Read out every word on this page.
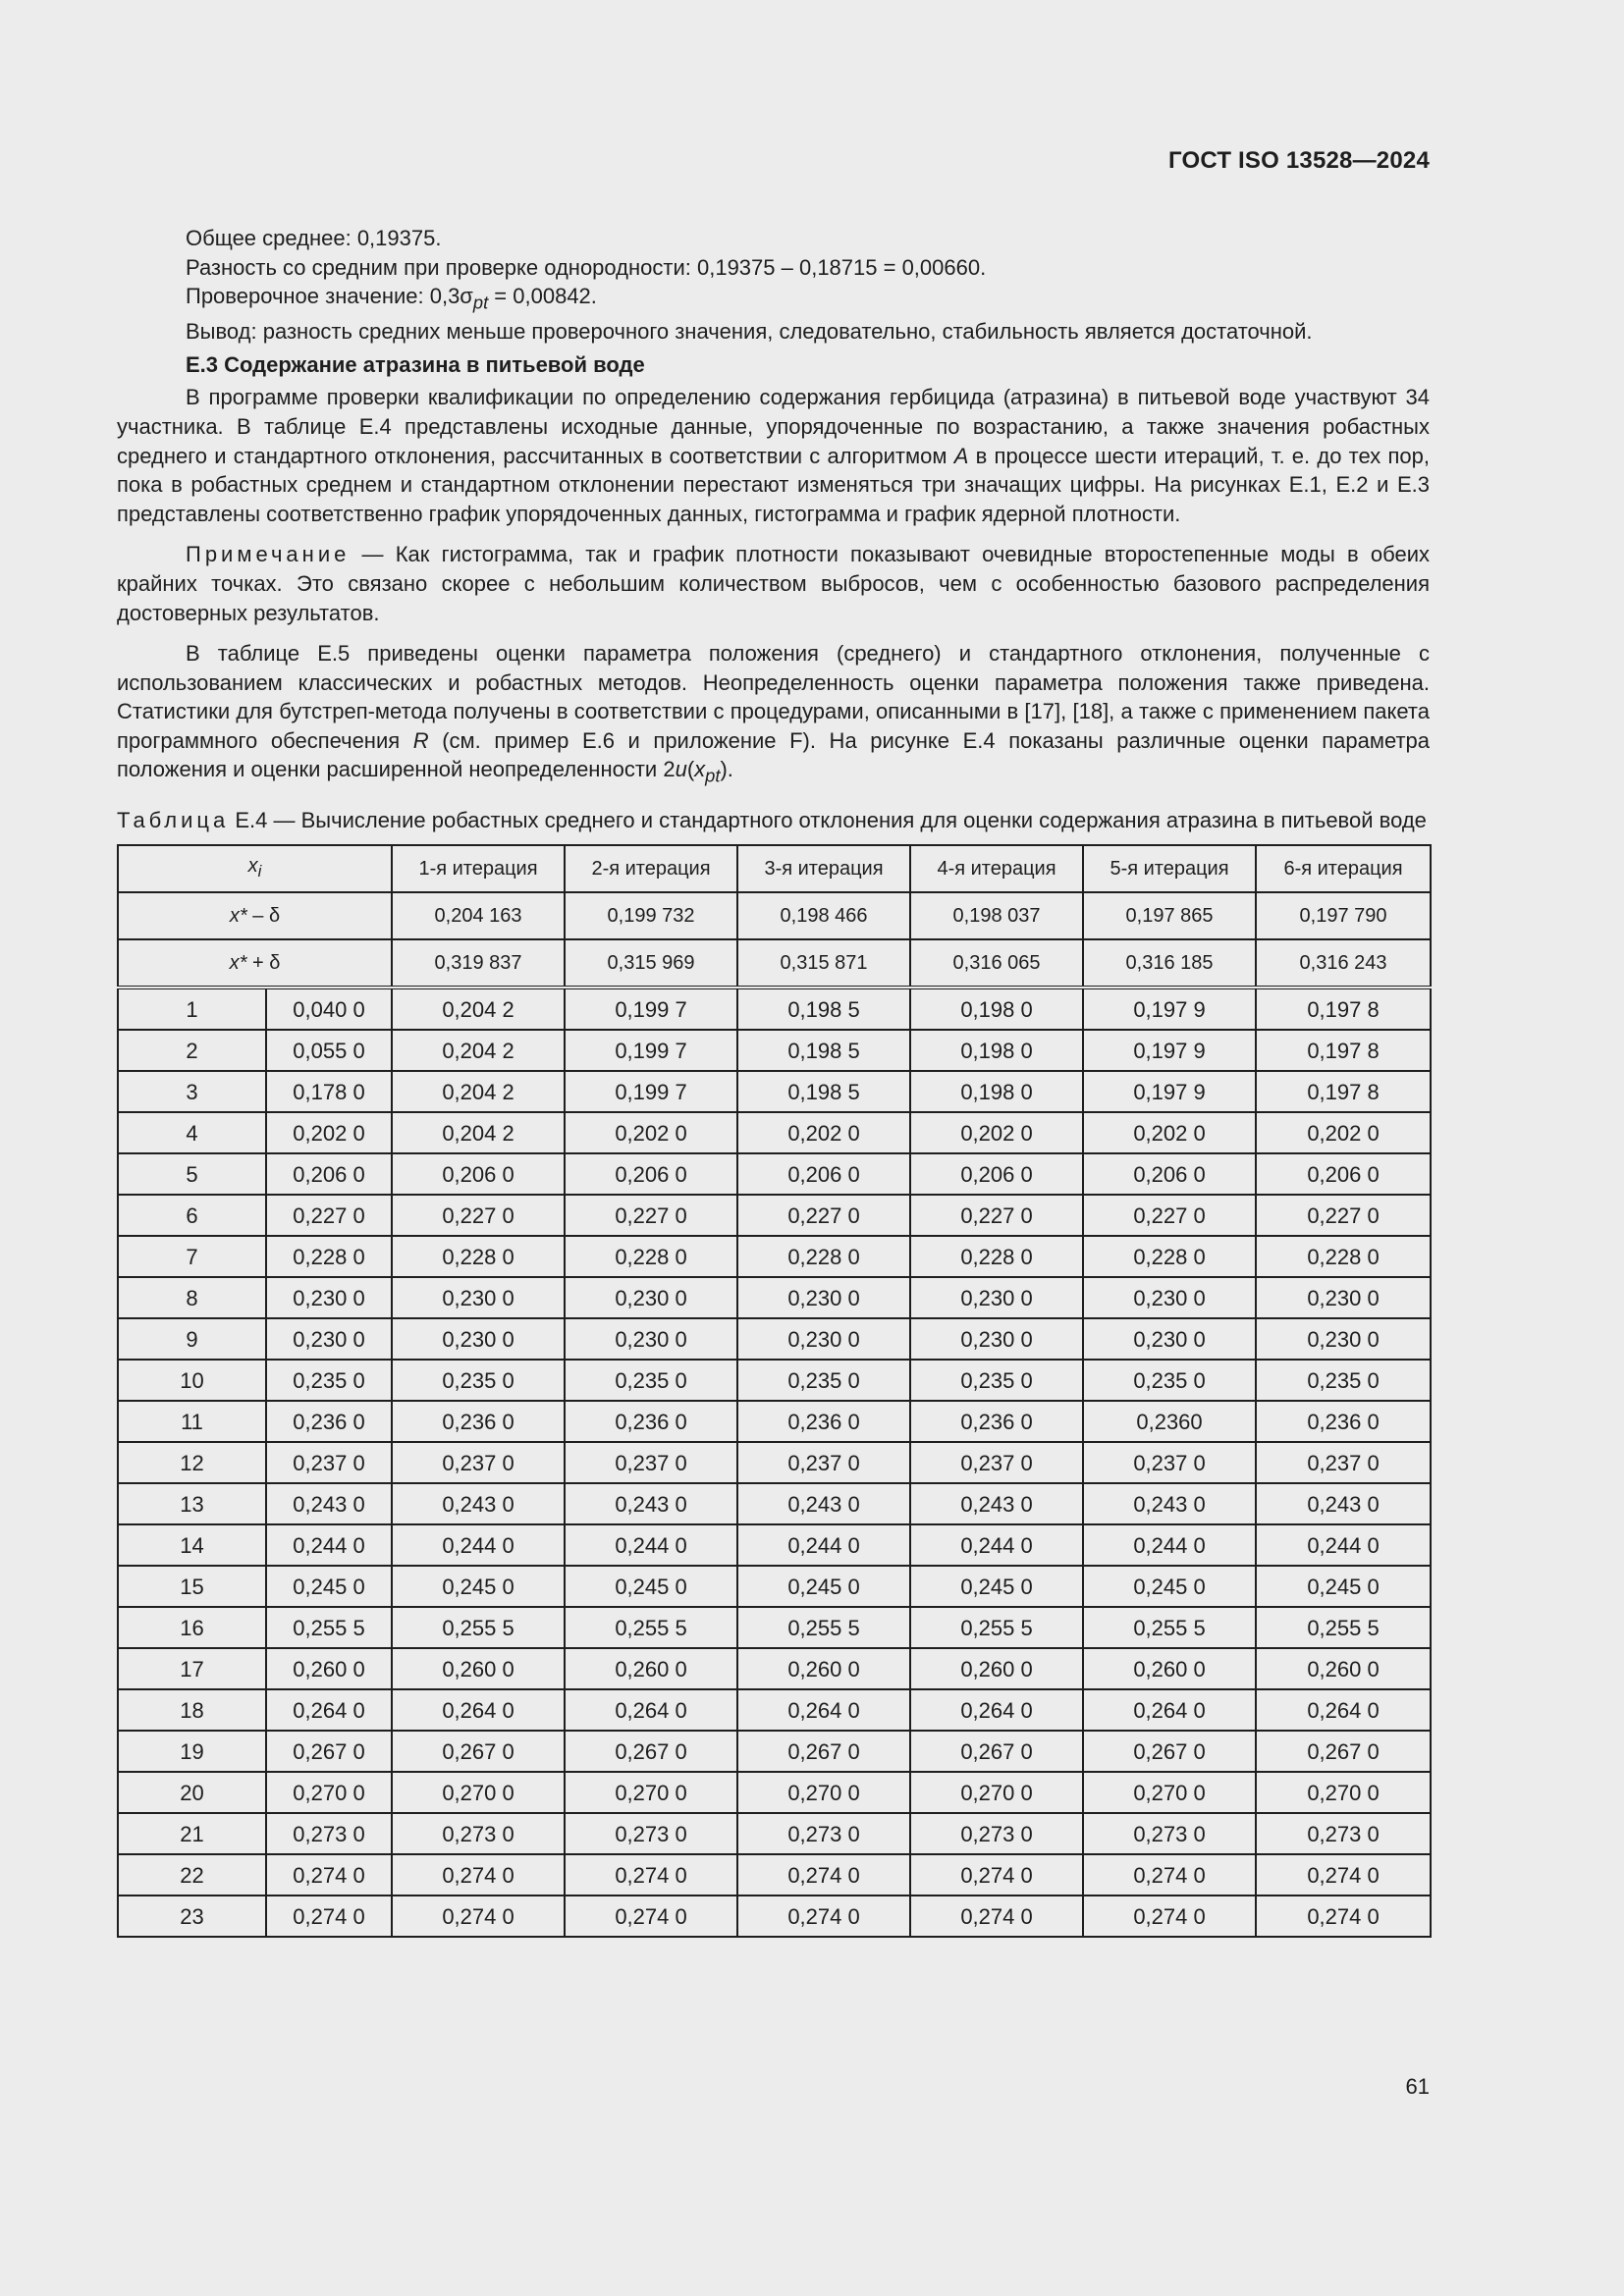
ГОСТ ISO 13528—2024
Общее среднее: 0,19375.
Разность со средним при проверке однородности: 0,19375 – 0,18715 = 0,00660.
Проверочное значение: $0,3\sigma_{pt} = 0,00842$.
Вывод: разность средних меньше проверочного значения, следовательно, стабильность является достаточной.
Е.3 Содержание атразина в питьевой воде

В программе проверки квалификации по определению содержания гербицида (атразина) в питьевой воде участвуют 34 участника. В таблице Е.4 представлены исходные данные, упорядоченные по возрастанию, а также значения робастных среднего и стандартного отклонения, рассчитанных в соответствии с алгоритмом A в процессе шести итераций, т. е. до тех пор, пока в робастных среднем и стандартном отклонении перестают изменяться три значащих цифры. На рисунках Е.1, Е.2 и Е.3 представлены соответственно график упорядоченных данных, гистограмма и график ядерной плотности.

Примечание — Как гистограмма, так и график плотности показывают очевидные второстепенные моды в обеих крайних точках. Это связано скорее с небольшим количеством выбросов, чем с особенностью базового распределения достоверных результатов.

В таблице Е.5 приведены оценки параметра положения (среднего) и стандартного отклонения, полученные с использованием классических и робастных методов. Неопределенность оценки параметра положения также приведена. Статистики для бутстреп-метода получены в соответствии с процедурами, описанными в [17], [18], а также с применением пакета программного обеспечения R (см. пример Е.6 и приложение F). На рисунке Е.4 показаны различные оценки параметра положения и оценки расширенной неопределенности $2u(x_{pt})$.

Таблица Е.4 — Вычисление робастных среднего и стандартного отклонения для оценки содержания атразина в питьевой воде
$x_i$		1-я итерация	2-я итерация	3-я итерация	4-я итерация	5-я итерация	6-я итерация
x* – δ		0,204 163	0,199 732	0,198 466	0,198 037	0,197 865	0,197 790
x* + δ		0,319 837	0,315 969	0,315 871	0,316 065	0,316 185	0,316 243
1	0,040 0	0,204 2	0,199 7	0,198 5	0,198 0	0,197 9	0,197 8
2	0,055 0	0,204 2	0,199 7	0,198 5	0,198 0	0,197 9	0,197 8
3	0,178 0	0,204 2	0,199 7	0,198 5	0,198 0	0,197 9	0,197 8
4	0,202 0	0,204 2	0,202 0	0,202 0	0,202 0	0,202 0	0,202 0
5	0,206 0	0,206 0	0,206 0	0,206 0	0,206 0	0,206 0	0,206 0
6	0,227 0	0,227 0	0,227 0	0,227 0	0,227 0	0,227 0	0,227 0
7	0,228 0	0,228 0	0,228 0	0,228 0	0,228 0	0,228 0	0,228 0
8	0,230 0	0,230 0	0,230 0	0,230 0	0,230 0	0,230 0	0,230 0
9	0,230 0	0,230 0	0,230 0	0,230 0	0,230 0	0,230 0	0,230 0
10	0,235 0	0,235 0	0,235 0	0,235 0	0,235 0	0,235 0	0,235 0
11	0,236 0	0,236 0	0,236 0	0,236 0	0,236 0	0,2360	0,236 0
12	0,237 0	0,237 0	0,237 0	0,237 0	0,237 0	0,237 0	0,237 0
13	0,243 0	0,243 0	0,243 0	0,243 0	0,243 0	0,243 0	0,243 0
14	0,244 0	0,244 0	0,244 0	0,244 0	0,244 0	0,244 0	0,244 0
15	0,245 0	0,245 0	0,245 0	0,245 0	0,245 0	0,245 0	0,245 0
16	0,255 5	0,255 5	0,255 5	0,255 5	0,255 5	0,255 5	0,255 5
17	0,260 0	0,260 0	0,260 0	0,260 0	0,260 0	0,260 0	0,260 0
18	0,264 0	0,264 0	0,264 0	0,264 0	0,264 0	0,264 0	0,264 0
19	0,267 0	0,267 0	0,267 0	0,267 0	0,267 0	0,267 0	0,267 0
20	0,270 0	0,270 0	0,270 0	0,270 0	0,270 0	0,270 0	0,270 0
21	0,273 0	0,273 0	0,273 0	0,273 0	0,273 0	0,273 0	0,273 0
22	0,274 0	0,274 0	0,274 0	0,274 0	0,274 0	0,274 0	0,274 0
23	0,274 0	0,274 0	0,274 0	0,274 0	0,274 0	0,274 0	0,274 0
61
